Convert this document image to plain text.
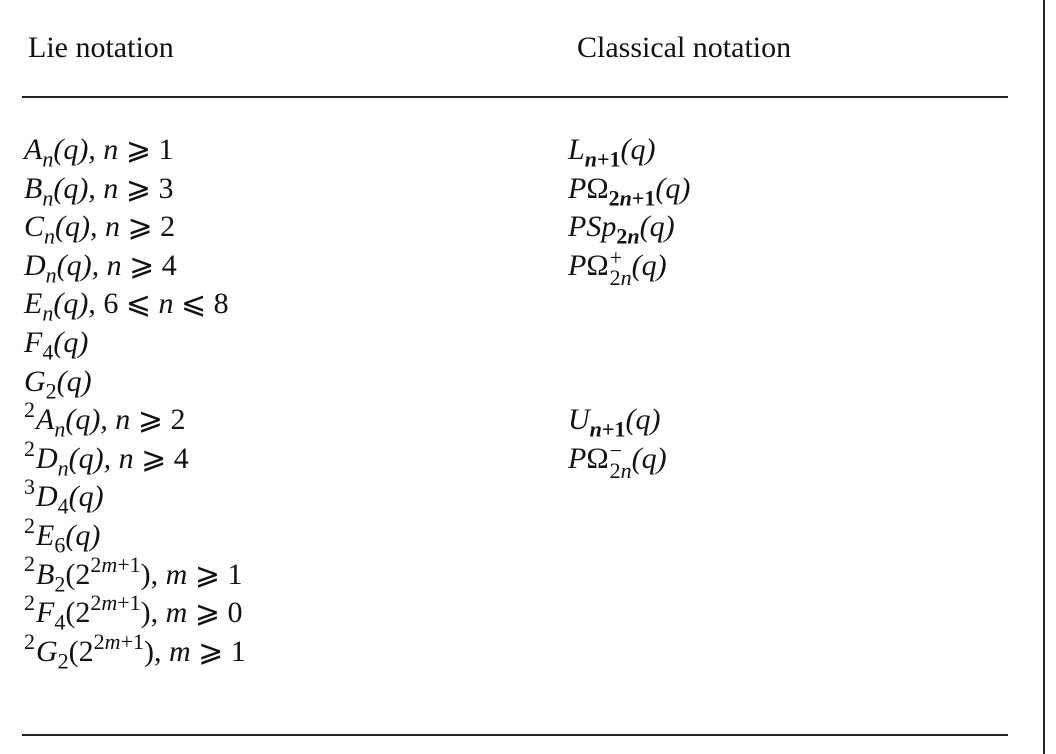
Lie notation	Classical notation
$A_n(q)$, n ⩾ 1
$B_n(q)$, n ⩾ 3
$C_n(q)$, n ⩾ 2
$D_n(q)$, n ⩾ 4
$E_n(q)$, 6 ⩽ n ⩽ 8
$F_4(q)$
$G_2(q)$
$^2A_n(q)$, n ⩾ 2
$^2D_n(q)$, n ⩾ 4
$^3D_4(q)$
$^2E_6(q)$
$^2B_2(2^{2m+1})$, m ⩾ 1
$^2F_4(2^{2m+1})$, m ⩾ 0
$^2G_2(2^{2m+1})$, m ⩾ 1
$L_{n+1}(q)$
$P\Omega_{2n+1}(q)$
PSp$_{2n}$(q)
PΩ +
2n (q)
$U_{n+1}(q)$
PΩ −
2n (q)
